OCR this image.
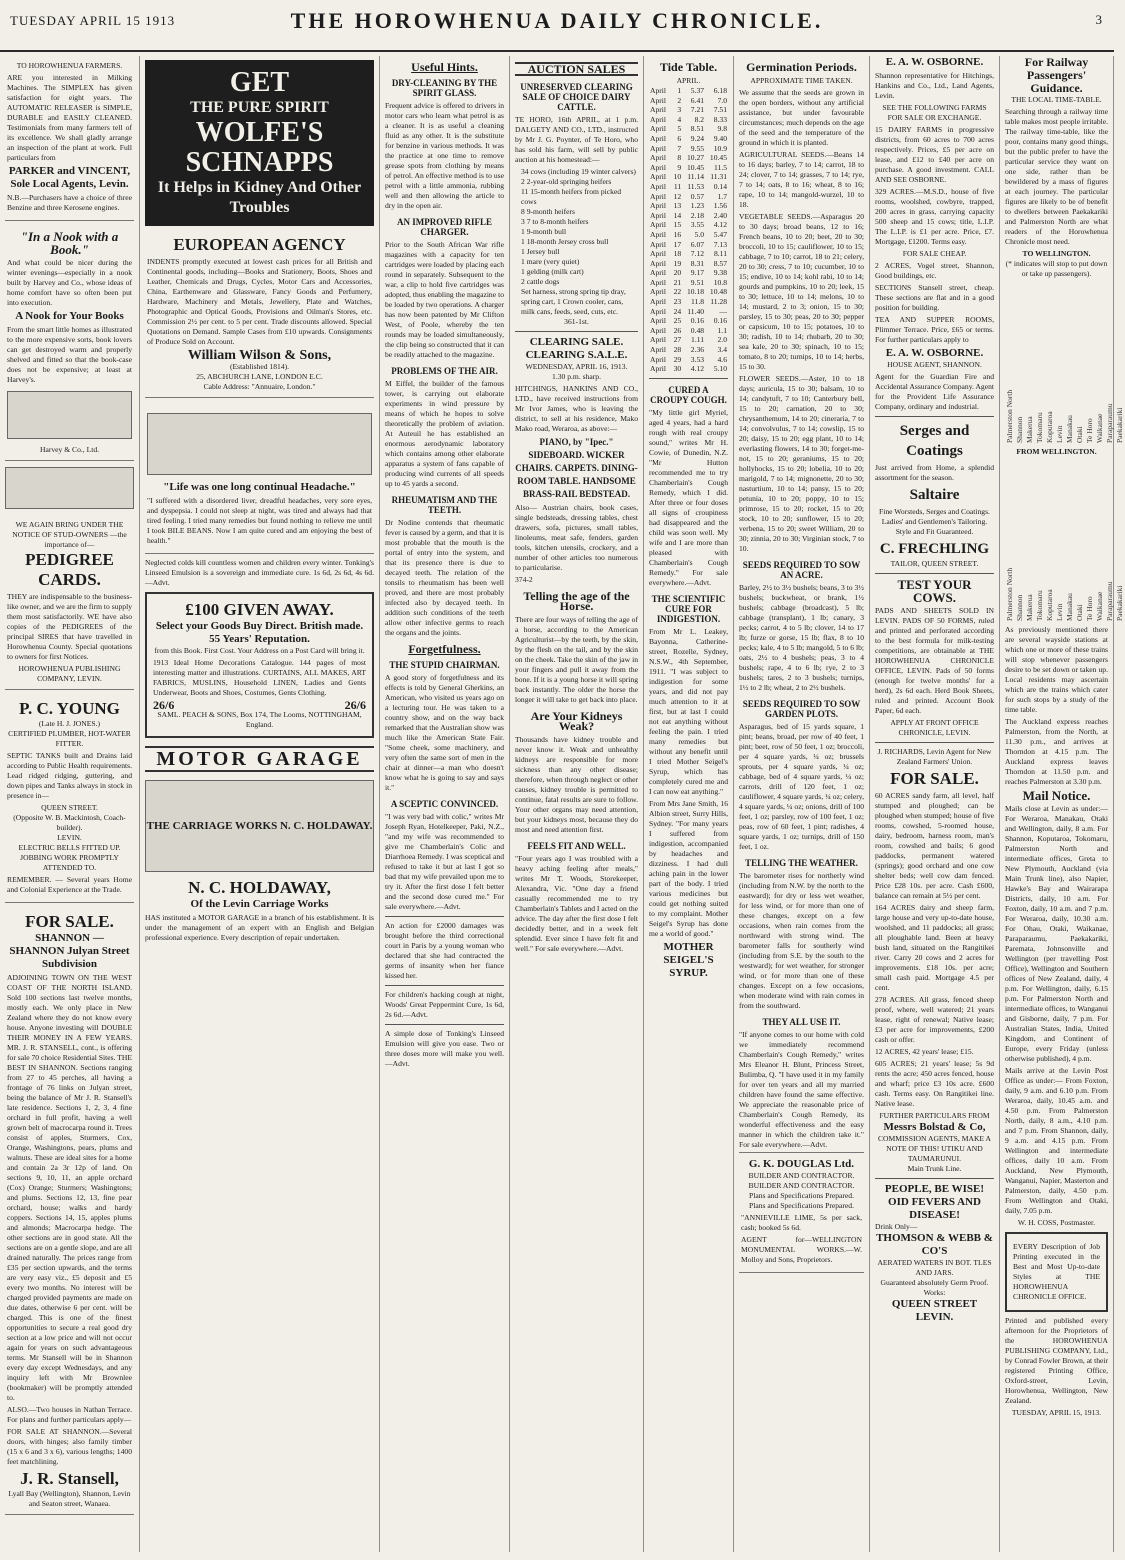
TUESDAY APRIL 15 1913	THE HOROWHENUA DAILY CHRONICLE.	3
TO HOROWHENUA FARMERS.

ARE you interested in Milking Machines. The SIMPLEX has given satisfaction for eight years. The AUTOMATIC RELEASER is SIMPLE, DURABLE and EASILY CLEANED. Testimonials from many farmers tell of its excellence. We shall gladly arrange an inspection of the plant at work. Full particulars from

PARKER and VINCENT, Sole Local Agents, Levin.

N.B.—Purchasers have a choice of three Benzine and three Kerosene engines.

"In a Nook with a Book."

And what could be nicer during the winter evenings—especially in a nook built by Harvey and Co., whose ideas of home comfort have so often been put into execution.

A Nook for Your Books

From the smart little homes as illustrated to the more expensive sorts, book lovers can get destroyed warm and properly shelved and fitted so that the book-case does not be expensive; at least at Harvey's.

Harvey & Co., Ltd.
WE AGAIN BRING UNDER THE NOTICE OF STUD-OWNERS —the importance of—
PEDIGREE CARDS.

THEY are indispensable to the business-like owner, and we are the firm to supply them most satisfactorily. WE have also copies of the PEDIGREES of the principal SIRES that have travelled in Horowhenua County. Special quotations to owners for first Notices.

HOROWHENUA PUBLISHING COMPANY, LEVIN.
P. C. YOUNG
(Late H. J. JONES.)
CERTIFIED PLUMBER, HOT-WATER FITTER.

SEPTIC TANKS built and Drains laid according to Public Health requirements. Lead ridged ridging, guttering, and down pipes and Tanks always in stock in presence in—

QUEEN STREET.
(Opposite W. B. Mackintosh, Coach-builder).
LEVIN.
ELECTRIC BELLS FITTED UP. JOBBING WORK PROMPTLY ATTENDED TO.

REMEMBER. — Several years Home and Colonial Experience at the Trade.

FOR SALE.
SHANNON — SHANNON Julyan Street Subdivision

ADJOINING TOWN ON THE WEST COAST OF THE NORTH ISLAND. Sold 100 sections last twelve months, mostly each. We only place in New Zealand where they do not know every house. Anyone investing will DOUBLE THEIR MONEY IN A FEW YEARS. MR. J. R. STANSELL, cont., is offering for sale 70 choice Residential Sites. THE BEST IN SHANNON. Sections ranging from 27 to 45 perches, all having a frontage of 76 links on Julyan street, being the balance of Mr J. R. Stansell's late residence. Sections 1, 2, 3, 4 fine orchard in full profit, having a well grown belt of macrocarpa round it. Trees consist of apples, Sturmers, Cox, Orange, Washingtons, pears, plums and walnuts. These are ideal sites for a home and contain 2a 3r 12p of land. On sections 9, 10, 11, an apple orchard (Cox) Orange; Sturmers; Washingtons; and plums. Sections 12, 13, fine pear orchard, house; walks and hardy coppers. Sections 14, 15, apples plums and almonds; Macrocarpa hedge. The other sections are in good state. All the sections are on a gentle slope, and are all drained naturally. The prices range from £35 per section upwards, and the terms are very easy viz., £5 deposit and £5 every two months. No interest will be charged provided payments are made on due dates, otherwise 6 per cent. will be charged. This is one of the finest opportunities to secure a real good dry section at a low price and will not occur again for years on such advantageous terms. Mr Stansell will be in Shannon every day except Wednesdays, and any inquiry left with Mr Brownlee (bookmaker) will be promptly attended to.

ALSO.—Two houses in Nathan Terrace. For plans and further particulars apply—

FOR SALE AT SHANNON.—Several doors, with hinges; also family timber (15 x 6 and 3 x 6), various lengths; 1400 feet matchlining.

J. R. Stansell,
Lyall Bay (Wellington), Shannon, Levin and Seaton street, Wanaea.
GET
THE PURE SPIRIT
WOLFE'S SCHNAPPS
It Helps in Kidney And Other Troubles
EUROPEAN AGENCY

INDENTS promptly executed at lowest cash prices for all British and Continental goods, including—Books and Stationery, Boots, Shoes and Leather, Chemicals and Drugs, Cycles, Motor Cars and Accessories, China, Earthenware and Glassware, Fancy Goods and Perfumery, Hardware, Machinery and Metals, Jewellery, Plate and Watches, Photographic and Optical Goods, Provisions and Oilman's Stores, etc. Commission 2½ per cent. to 5 per cent. Trade discounts allowed. Special Quotations on Demand. Sample Cases from £10 upwards. Consignments of Produce Sold on Account.

William Wilson & Sons,
(Established 1814).
25, ABCHURCH LANE, LONDON E.C.
Cable Address: "Annuaire, London."
"Life was one long continual Headache."

"I suffered with a disordered liver, dreadful headaches, very sore eyes, and dyspepsia. I could not sleep at night, was tired and always had that tired feeling. I tried many remedies but found nothing to relieve me until I took BILE BEANS. Now I am quite cured and am enjoying the best of health."

Neglected colds kill countless women and children every winter. Tonking's Linseed Emulsion is a sovereign and immediate cure. 1s 6d, 2s 6d, 4s 6d.—Advt.

£100 GIVEN AWAY.
Select your Goods Buy Direct. British made. 55 Years' Reputation.
from this Book. First Cost. Your Address on a Post Card will bring it.

1913 Ideal Home Decorations Catalogue. 144 pages of most interesting matter and illustrations. CURTAINS, ALL MAKES, ART FABRICS, MUSLINS, Household LINEN, Ladies and Gents Underwear, Boots and Shoes, Costumes, Gents Clothing.

26/6	26/6
SAML. PEACH & SONS, Box 174, The Looms, NOTTINGHAM, England.
MOTOR GARAGE
THE CARRIAGE WORKS N. C. HOLDAWAY.
N. C. HOLDAWAY,
Of the Levin Carriage Works

HAS instituted a MOTOR GARAGE in a branch of his establishment. It is under the management of an expert with an English and Belgian professional experience. Every description of repair undertaken.

Useful Hints.
DRY-CLEANING BY THE SPIRIT GLASS.

Frequent advice is offered to drivers in motor cars who learn what petrol is as a cleaner. It is as useful a cleaning fluid as any other. It is the substitute for benzine in various methods. It was the practice at one time to remove grease spots from clothing by means of petrol. An effective method is to use petrol with a little ammonia, rubbing well and then allowing the article to dry in the open air.

AN IMPROVED RIFLE CHARGER.

Prior to the South African War rifle magazines with a capacity for ten cartridges were loaded by placing each round in separately. Subsequent to the war, a clip to hold five cartridges was adopted, thus enabling the magazine to be loaded by two operations. A charger has now been patented by Mr Clifton West, of Poole, whereby the ten rounds may be loaded simultaneously, the clip being so constructed that it can be readily attached to the magazine.

PROBLEMS OF THE AIR.

M Eiffel, the builder of the famous tower, is carrying out elaborate experiments in wind pressure by means of which he hopes to solve theoretically the problem of aviation. At Auteuil he has established an enormous aerodynamic laboratory which contains among other elaborate apparatus a system of fans capable of producing wind currents of all speeds up to 45 yards a second.

RHEUMATISM AND THE TEETH.

Dr Nodine contends that rheumatic fever is caused by a germ, and that it is most probable that the mouth is the portal of entry into the system, and that its presence there is due to decayed teeth. The relation of the tonsils to rheumatism has been well proved, and there are most probably infected also by decayed teeth. In addition such conditions of the teeth allow other infective germs to reach the organs and the joints.

Forgetfulness.
THE STUPID CHAIRMAN.

A good story of forgetfulness and its effects is told by General Gherkins, an American, who visited us years ago on a lecturing tour. He was taken to a country show, and on the way back remarked that the Australian show was much like the American State Fair. "Some cheek, some machinery, and very often the same sort of men in the chair at dinner—a man who doesn't know what he is going to say and says it."

A SCEPTIC CONVINCED.

"I was very bad with colic," writes Mr Joseph Ryan, Hotelkeeper, Paki, N.Z., "and my wife was recommended to give me Chamberlain's Colic and Diarrhoea Remedy. I was sceptical and refused to take it but at last I got so bad that my wife prevailed upon me to try it. After the first dose I felt better and the second dose cured me." For sale everywhere.—Advt.

An action for £2000 damages was brought before the third correctional court in Paris by a young woman who declared that she had contracted the germs of insanity when her fiance kissed her.

For children's hacking cough at night, Woods' Great Peppermint Cure, 1s 6d, 2s 6d.—Advt.

A simple dose of Tonking's Linseed Emulsion will give you ease. Two or three doses more will make you well.—Advt.

AUCTION SALES
UNRESERVED CLEARING SALE OF CHOICE DAIRY CATTLE.

TE HORO, 16th APRIL, at 1 p.m. DALGETY AND CO., LTD., instructed by Mr J. G. Poynter, of Te Horo, who has sold his farm, will sell by public auction at his homestead:—

34 cows (including 19 winter calvers)
2 2-year-old springing heifers
11 15-month heifers from picked cows
8 9-month heifers
3 7 to 8-month heifers
1 9-month bull
1 18-month Jersey cross bull
1 Jersey bull
1 mare (very quiet)
1 gelding (milk cart)
2 cattle dogs
Set harness, strong spring tip dray, spring cart, 1 Crown cooler, cans, milk cans, feeds, seed, cuts, etc.
361-1st.
CLEARING SALE. CLEARING S.A.L.E.
WEDNESDAY, APRIL 16, 1913.
1.30 p.m. sharp.

HITCHINGS, HANKINS AND CO., LTD., have received instructions from Mr Ivor James, who is leaving the district, to sell at his residence, Mako Mako road, Weraroa, as above:—

PIANO, by "Ipec." SIDEBOARD. WICKER CHAIRS. CARPETS. DINING-ROOM TABLE. HANDSOME BRASS-RAIL BEDSTEAD.

Also— Austrian chairs, book cases, single bedsteads, dressing tables, chest drawers, sofa, pictures, small tables, linoleums, meat safe, fenders, garden tools, kitchen utensils, crockery, and a number of other articles too numerous to particularise.

374-2
Telling the age of the Horse.

There are four ways of telling the age of a horse, according to the American Agriculturist—by the teeth, by the skin, by the flesh on the tail, and by the skin on the cheek. Take the skin of the jaw in your fingers and pull it away from the bone. If it is a young horse it will spring back instantly. The older the horse the longer it will take to get back into place.

Are Your Kidneys Weak?

Thousands have kidney trouble and never know it. Weak and unhealthy kidneys are responsible for more sickness than any other disease; therefore, when through neglect or other causes, kidney trouble is permitted to continue, fatal results are sure to follow. Your other organs may need attention, but your kidneys most, because they do most and need attention first.

FEELS FIT AND WELL.

"Four years ago I was troubled with a heavy aching feeling after meals," writes Mr T. Woods, Storekeeper, Alexandra, Vic. "One day a friend casually recommended me to try Chamberlain's Tablets and I acted on the advice. The day after the first dose I felt decidedly better, and in a week felt splendid. Ever since I have felt fit and well." For sale everywhere.—Advt.

Tide Table.
APRIL.
April	1	5.37	6.18
April	2	6.41	7.0
April	3	7.21	7.51
April	4	8.2	8.33
April	5	8.51	9.8
April	6	9.24	9.40
April	7	9.55	10.9
April	8	10.27	10.45
April	9	10.45	11.5
April	10	11.14	11.31
April	11	11.53	0.14
April	12	0.57	1.7
April	13	1.23	1.56
April	14	2.18	2.40
April	15	3.55	4.12
April	16	5.0	5.47
April	17	6.07	7.13
April	18	7.12	8.11
April	19	8.31	8.57
April	20	9.17	9.38
April	21	9.51	10.8
April	22	10.18	10.48
April	23	11.8	11.28
April	24	11.40	—
April	25	0.16	0.16
April	26	0.48	1.1
April	27	1.11	2.0
April	28	2.36	3.4
April	29	3.53	4.6
April	30	4.12	5.10
CURED A CROUPY COUGH.

"My little girl Myriel, aged 4 years, had a hard rough with real croupy sound," writes Mr H. Cowie, of Dunedin, N.Z. "Mr Hutton recommended me to try Chamberlain's Cough Remedy, which I did. After three or four doses all signs of croupiness had disappeared and the child was soon well. My wife and I are more than pleased with Chamberlain's Cough Remedy." For sale everywhere.—Advt.

THE SCIENTIFIC CURE FOR INDIGESTION.

From Mr L. Leakey, Bayonna, Catherine-street, Rozelle, Sydney, N.S.W., 4th September, 1911. "I was subject to indigestion for some years, and did not pay much attention to it at first, but at last I could not eat anything without feeling the pain. I tried many remedies but without any benefit until I tried Mother Seigel's Syrup, which has completely cured me and I can now eat anything."

From Mrs Jane Smith, 16 Albion street, Surry Hills, Sydney. "For many years I suffered from indigestion, accompanied by headaches and dizziness. I had dull aching pain in the lower part of the body. I tried various medicines but could get nothing suited to my complaint. Mother Seigel's Syrup has done me a world of good."

MOTHER SEIGEL'S SYRUP.
Germination Periods.
APPROXIMATE TIME TAKEN.

We assume that the seeds are grown in the open borders, without any artificial assistance, but under favourable circumstances; much depends on the age of the seed and the temperature of the ground in which it is planted.

AGRICULTURAL SEEDS.—Beans 14 to 16 days; barley, 7 to 14; carrot, 18 to 24; clover, 7 to 14; grasses, 7 to 14; rye, 7 to 14; oats, 8 to 16; wheat, 8 to 16; rape, 10 to 14; mangold-wurzel, 10 to 18.

VEGETABLE SEEDS.—Asparagus 20 to 30 days; broad beans, 12 to 16; French beans, 10 to 20; beet, 20 to 30; broccoli, 10 to 15; cauliflower, 10 to 15; cabbage, 7 to 10; carrot, 18 to 21; celery, 20 to 30; cress, 7 to 10; cucumber, 10 to 15; endive, 10 to 14; kohl rabi, 10 to 14; gourds and pumpkins, 10 to 20; leek, 15 to 30; lettuce, 10 to 14; melons, 10 to 14; mustard, 2 to 3; onion, 15 to 30; parsley, 15 to 30; peas, 20 to 30; pepper or capsicum, 10 to 15; potatoes, 10 to 30; radish, 10 to 14; rhubarb, 20 to 30; sea kale, 20 to 30; spinach, 10 to 15; tomato, 8 to 20; turnips, 10 to 14; herbs, 15 to 30.

FLOWER SEEDS.—Aster, 10 to 18 days; auricula, 15 to 30; balsam, 10 to 14; candytuft, 7 to 10; Canterbury bell, 15 to 20; carnation, 20 to 30; chrysanthemum, 14 to 20; cineraria, 7 to 14; convolvulus, 7 to 14; cowslip, 15 to 20; daisy, 15 to 20; egg plant, 10 to 14; everlasting flowers, 14 to 30; forget-me-not, 15 to 20; geraniums, 15 to 20; hollyhocks, 15 to 20; lobelia, 10 to 20; marigold, 7 to 14; mignonette, 20 to 30; nasturtium, 10 to 14; pansy, 15 to 20; petunia, 10 to 20; poppy, 10 to 15; primrose, 15 to 20; rocket, 15 to 20; stock, 10 to 20; sunflower, 15 to 20; verbena, 15 to 20; sweet William, 20 to 30; zinnia, 20 to 30; Virginian stock, 7 to 10.

SEEDS REQUIRED TO SOW AN ACRE.

Barley, 2½ to 3½ bushels; beans, 3 to 3½ bushels; buckwheat, or brank, 1½ bushels; cabbage (broadcast), 5 lb; cabbage (transplant), 1 lb; canary, 3 pecks; carrot, 4 to 5 lb; clover, 14 to 17 lb; furze or gorse, 15 lb; flax, 8 to 10 pecks; kale, 4 to 5 lb; mangold, 5 to 6 lb; oats, 2½ to 4 bushels; peas, 3 to 4 bushels; rape, 4 to 6 lb; rye, 2 to 3 bushels; tares, 2 to 3 bushels; turnips, 1½ to 2 lb; wheat, 2 to 2½ bushels.

SEEDS REQUIRED TO SOW GARDEN PLOTS.

Asparagus, bed of 15 yards square, 1 pint; beans, broad, per row of 40 feet, 1 pint; beet, row of 50 feet, 1 oz; broccoli, per 4 square yards, ¼ oz; brussels sprouts, per 4 square yards, ¼ oz; cabbage, bed of 4 square yards, ¼ oz; carrots, drill of 120 feet, 1 oz; cauliflower, 4 square yards, ¼ oz; celery, 4 square yards, ¼ oz; onions, drill of 100 feet, 1 oz; parsley, row of 100 feet, 1 oz; peas, row of 60 feet, 1 pint; radishes, 4 square yards, 1 oz; turnips, drill of 150 feet, 1 oz.

TELLING THE WEATHER.

The barometer rises for northerly wind (including from N.W. by the north to the eastward); for dry or less wet weather, for less wind, or for more than one of these changes, except on a few occasions, when rain comes from the northward with strong wind. The barometer falls for southerly wind (including from S.E. by the south to the westward); for wet weather, for stronger wind, or for more than one of these changes. Except on a few occasions, when moderate wind with rain comes in from the southward.

THEY ALL USE IT.

"If anyone comes to our home with cold we immediately recommend Chamberlain's Cough Remedy," writes Mrs Eleanor H. Blunt, Princess Street, Bulimba, Q. "I have used it in my family for over ten years and all my married children have found the same effective. We appreciate the reasonable price of Chamberlain's Cough Remedy, its wonderful effectiveness and the easy manner in which the children take it." For sale everywhere.—Advt.

G. K. DOUGLAS Ltd.
BUILDER AND CONTRACTOR. BUILDER AND CONTRACTOR.
Plans and Specifications Prepared. Plans and Specifications Prepared.

"ANNIEVILLE LIME, 5s per sack, cash; booked 5s 6d.

AGENT for—WELLINGTON MONUMENTAL WORKS.—W. Molloy and Sons, Proprietors.

E. A. W. OSBORNE.

Shannon representative for Hitchings, Hankins and Co., Ltd., Land Agents, Levin.

SEE THE FOLLOWING FARMS FOR SALE OR EXCHANGE.

15 DAIRY FARMS in progressive districts, from 60 acres to 700 acres respectively. Prices, £5 per acre on lease, and £12 to £40 per acre on purchase. A good investment. CALL AND SEE OSBORNE.

329 ACRES.—M.S.D., house of five rooms, woolshed, cowbyre, trapped, 200 acres in grass, carrying capacity 500 sheep and 15 cows; title, L.I.P. The L.I.P. is £1 per acre. Price, £7. Mortgage, £1200. Terms easy.

FOR SALE CHEAP.

2 ACRES, Vogel street, Shannon, Good buildings, etc.

SECTIONS Stansell street, cheap. These sections are flat and in a good position for building.

TEA AND SUPPER ROOMS, Plimmer Terrace. Price, £65 or terms. For further particulars apply to

E. A. W. OSBORNE.
HOUSE AGENT, SHANNON.

Agent for the Guardian Fire and Accidental Assurance Company. Agent for the Provident Life Assurance Company, ordinary and industrial.

Serges and Coatings

Just arrived from Home, a splendid assortment for the season.

Saltaire

Fine Worsteds, Serges and Coatings. Ladies' and Gentlemen's Tailoring. Style and Fit Guaranteed.

C. FRECHLING
TAILOR, QUEEN STREET.
TEST YOUR COWS.

PADS AND SHEETS SOLD IN LEVIN. PADS OF 50 FORMS, ruled and printed and perforated according to the best formula for milk-testing competitions, are obtainable at THE HOROWHENUA CHRONICLE OFFICE, LEVIN. Pads of 50 forms (enough for twelve months' for a herd), 2s 6d each. Herd Book Sheets, ruled and printed. Account Book Paper, 6d each.

APPLY AT FRONT OFFICE CHRONICLE, LEVIN.

J. RICHARDS, Levin Agent for New Zealand Farmers' Union.

FOR SALE.

60 ACRES sandy farm, all level, half stumped and ploughed; can be ploughed when stumped; house of five rooms, cowshed, 5-roomed house, dairy, bedroom, harness room, man's room, cowshed and bails; 6 good paddocks, permanent watered (springs); good orchard and one cow shelter beds; well cow dam fenced. Price £28 10s. per acre. Cash £600, balance can remain at 5½ per cent.

164 ACRES dairy and sheep farm, large house and very up-to-date house, woolshed, and 11 paddocks; all grass; all ploughable land. Been at heavy bush land, situated on the Rangitikei river. Carry 20 cows and 2 acres for improvements. £18 10s. per acre; small cash paid. Mortgage 4.5 per cent.

278 ACRES. All grass, fenced sheep proof, where, well watered; 21 years lease, right of renewal; Native lease; £3 per acre for improvements, £200 cash or offer.

12 ACRES, 42 years' lease; £15.

605 ACRES; 21 years' lease; 5s 9d rents the acre; 450 acres fenced, house and wharf; price £3 10s acre. £600 cash. Terms easy. On Rangitikei line. Native lease.

FURTHER PARTICULARS FROM
Messrs Bolstad & Co,
COMMISSION AGENTS, MAKE A NOTE OF THIS! UTIKU AND TAUMARUNUI.
Main Trunk Line.
PEOPLE, BE WISE! OID FEVERS AND DISEASE!
Drink Only—
THOMSON & WEBB & CO'S
AERATED WATERS IN BOT. TLES AND JARS.
Guaranteed absolutely Germ Proof. Works:
QUEEN STREET LEVIN.
For Railway Passengers' Guidance.
THE LOCAL TIME-TABLE.

Searching through a railway time table makes most people irritable. The railway time-table, like the poor, contains many good things, but the public prefer to have the particular service they want on one side, rather than be bewildered by a mass of figures at each journey. The particular figures are likely to be of benefit to dwellers between Paekakariki and Palmerston North are what readers of the Horowhenua Chronicle most need.

TO WELLINGTON.
(* indicates will stop to put down or take up passengers).
Palmerston North Shannon Makerua Tokomaru Koputaroa Levin Manakau Otaki Te Horo Waikanae Paraparaumu Paekakariki
FROM WELLINGTON.
Palmerston North Shannon Makerua Tokomaru Koputaroa Levin Manakau Otaki Te Horo Waikanae Paraparaumu Paekakariki

As previously mentioned there are several wayside stations at which one or more of these trains will stop whenever passengers desire to be set down or taken up. Local residents may ascertain which are the trains which cater for such stops by a study of the time table.

The Auckland express reaches Palmerston, from the North, at 11.30 p.m., and arrives at Thorndon at 4.15 p.m. The Auckland express leaves Thorndon at 11.50 p.m. and reaches Palmerston at 3.30 p.m.

Mail Notice.

Mails close at Levin as under:— For Weraroa, Manakau, Otaki and Wellington, daily, 8 a.m. For Shannon, Koputaroa, Tokomaru, Palmerston North and intermediate offices, Greta to New Plymouth, Auckland (via Main Trunk line), also Napier, Hawke's Bay and Wairarapa Districts, daily, 10 a.m. For Foxton, daily, 10 a.m. and 7 p.m. For Weraroa, daily, 10.30 a.m. For Ohau, Otaki, Waikanae, Paraparaumu, Paekakariki, Paremata, Johnsonville and Wellington (per travelling Post Office), Wellington and Southern offices of New Zealand, daily, 4 p.m. For Wellington, daily, 6.15 p.m. For Palmerston North and intermediate offices, to Wanganui and Gisborne, daily, 7 p.m. For Australian States, India, United Kingdom, and Continent of Europe, every Friday (unless otherwise published), 4 p.m.

Mails arrive at the Levin Post Office as under:— From Foxton, daily, 9 a.m. and 6.10 p.m. From Weraroa, daily, 10.45 a.m. and 4.50 p.m. From Palmerston North, daily, 8 a.m., 4.10 p.m. and 7 p.m. From Shannon, daily, 9 a.m. and 4.15 p.m. From Wellington and intermediate offices, daily 10 a.m. From Auckland, New Plymouth, Wanganui, Napier, Masterton and Palmerston, daily, 4.50 p.m. From Wellington and Otaki, daily, 7.05 p.m.

W. H. COSS, Postmaster.

EVERY Description of Job Printing executed in the Best and Most Up-to-date Styles at THE HOROWHENUA CHRONICLE OFFICE.

Printed and published every afternoon for the Proprietors of the HOROWHENUA PUBLISHING COMPANY, Ltd., by Conrad Fowler Brown, at their registered Printing Office, Oxford-street, Levin, Horowhenua, Wellington, New Zealand.

TUESDAY, APRIL 15, 1913.
